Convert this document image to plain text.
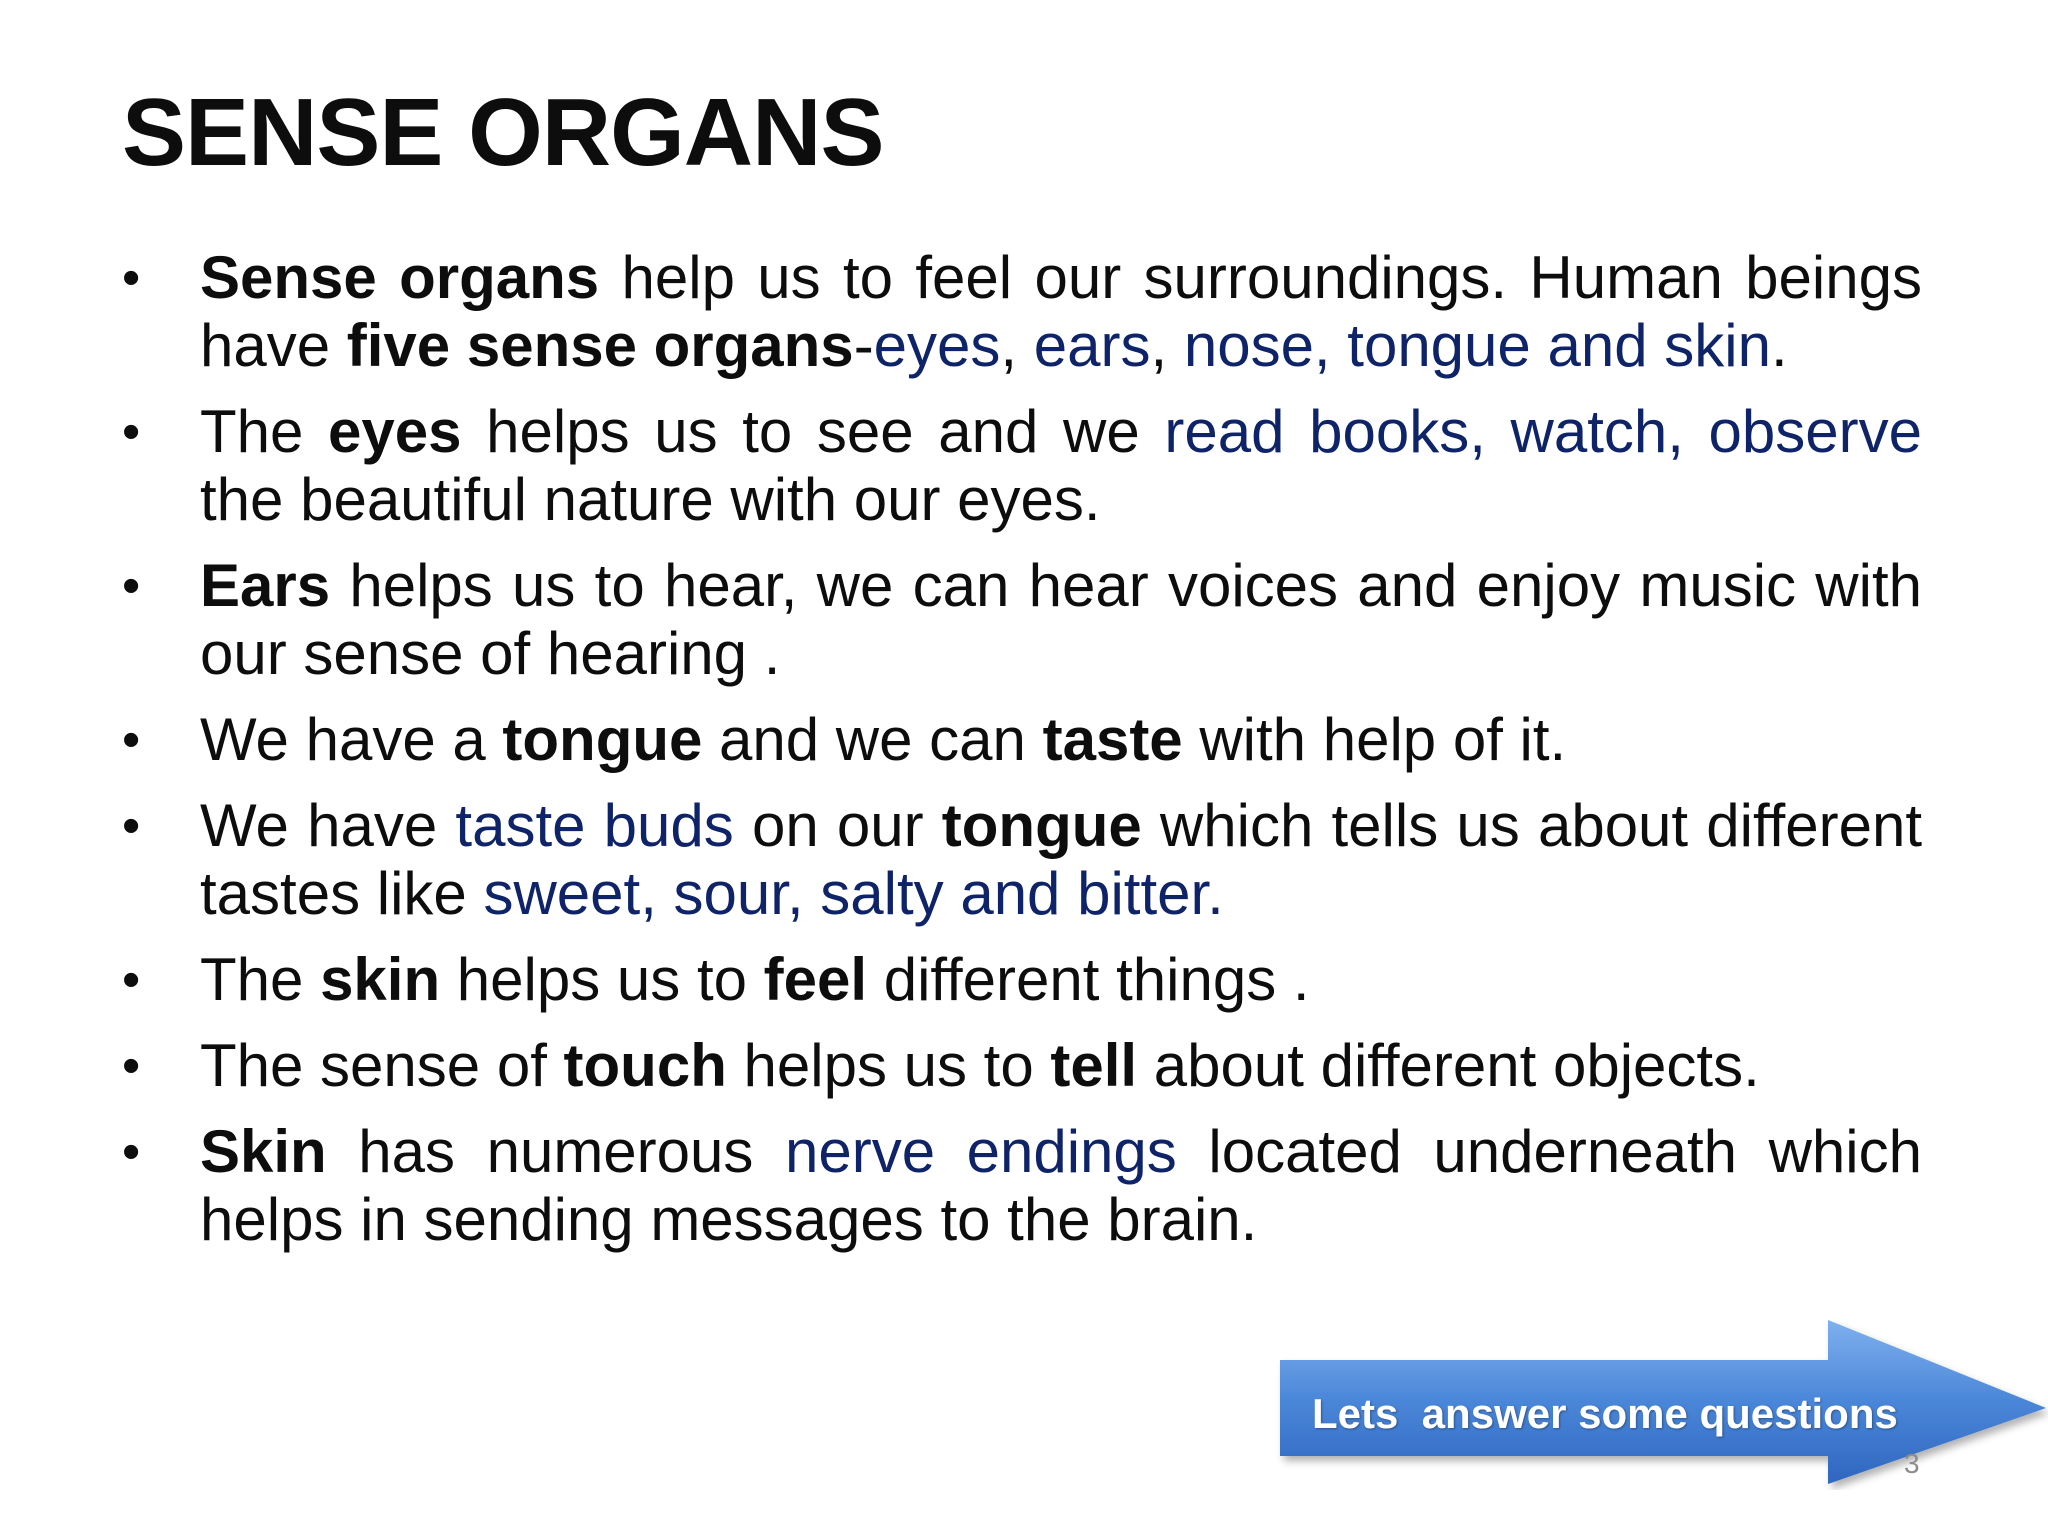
SENSE ORGANS
• Sense organs help us to feel our surroundings. Human beings have five sense organs-eyes, ears, nose, tongue and skin.
• The eyes helps us to see and we read books, watch, observe the beautiful nature with our eyes.
• Ears helps us to hear, we can hear voices and enjoy music with our sense of hearing .
• We have a tongue and we can taste with help of it.
• We have taste buds on our tongue which tells us about different tastes like sweet, sour, salty and bitter.
• The skin helps us to feel different things .
• The sense of touch helps us to tell about different objects.
• Skin has numerous nerve endings located underneath which helps in sending messages to the brain.
Lets  answer some questions
3
